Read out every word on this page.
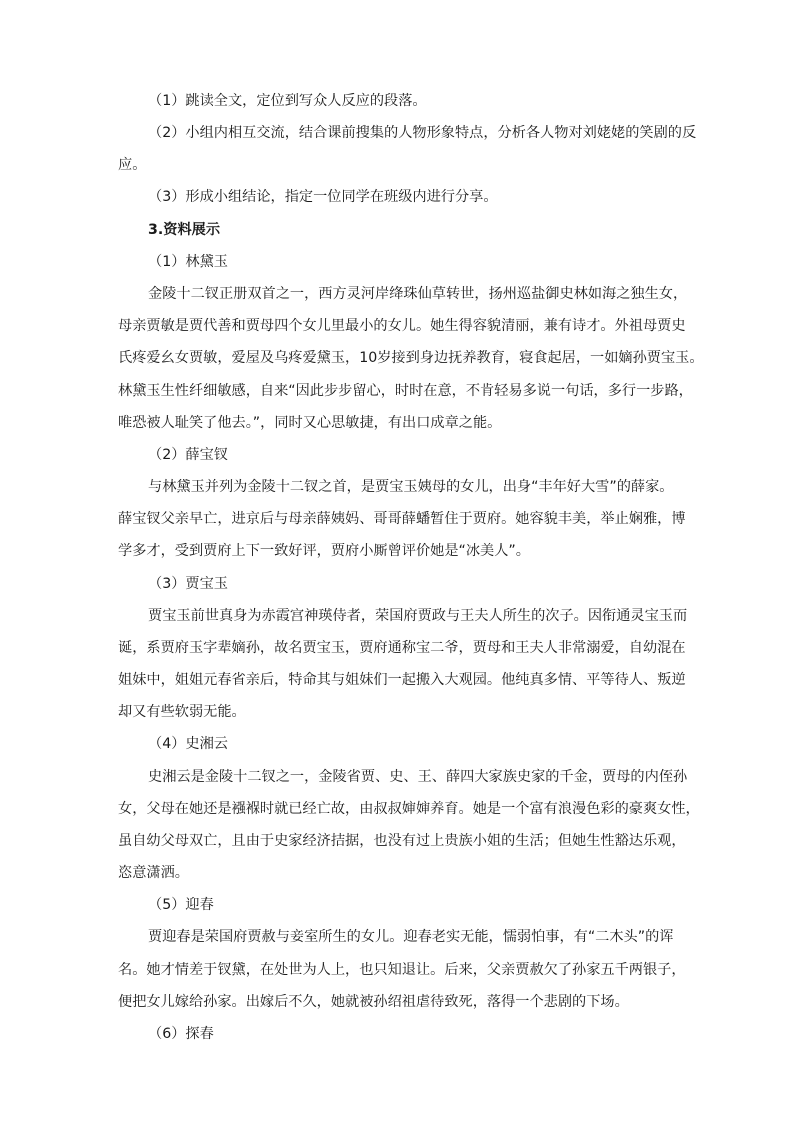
（1）跳读全文，定位到写众人反应的段落。
（2）小组内相互交流，结合课前搜集的人物形象特点，分析各人物对刘姥姥的笑剧的反
应。
（3）形成小组结论，指定一位同学在班级内进行分享。
3.资料展示
（1）林黛玉
金陵十二钗正册双首之一，西方灵河岸绛珠仙草转世，扬州巡盐御史林如海之独生女，
母亲贾敏是贾代善和贾母四个女儿里最小的女儿。她生得容貌清丽，兼有诗才。外祖母贾史
氏疼爱幺女贾敏，爱屋及乌疼爱黛玉，10岁接到身边抚养教育，寝食起居，一如嫡孙贾宝玉。
林黛玉生性纤细敏感，自来“因此步步留心，时时在意，不肯轻易多说一句话，多行一步路，
唯恐被人耻笑了他去。”，同时又心思敏捷，有出口成章之能。
（2）薛宝钗
与林黛玉并列为金陵十二钗之首，是贾宝玉姨母的女儿，出身“丰年好大雪”的薛家。
薛宝钗父亲早亡，进京后与母亲薛姨妈、哥哥薛蟠暂住于贾府。她容貌丰美，举止娴雅，博
学多才，受到贾府上下一致好评，贾府小厮曾评价她是“冰美人”。
（3）贾宝玉
贾宝玉前世真身为赤霞宫神瑛侍者，荣国府贾政与王夫人所生的次子。因衔通灵宝玉而
诞，系贾府玉字辈嫡孙，故名贾宝玉，贾府通称宝二爷，贾母和王夫人非常溺爱，自幼混在
姐妹中，姐姐元春省亲后，特命其与姐妹们一起搬入大观园。他纯真多情、平等待人、叛逆
却又有些软弱无能。
（4）史湘云
史湘云是金陵十二钗之一，金陵省贾、史、王、薛四大家族史家的千金，贾母的内侄孙
女，父母在她还是襁褓时就已经亡故，由叔叔婶婶养育。她是一个富有浪漫色彩的豪爽女性，
虽自幼父母双亡，且由于史家经济拮据，也没有过上贵族小姐的生活；但她生性豁达乐观，
恣意潇洒。
（5）迎春
贾迎春是荣国府贾赦与妾室所生的女儿。迎春老实无能，懦弱怕事，有“二木头”的诨
名。她才情差于钗黛，在处世为人上，也只知退让。后来，父亲贾赦欠了孙家五千两银子，
便把女儿嫁给孙家。出嫁后不久，她就被孙绍祖虐待致死，落得一个悲剧的下场。
（6）探春
